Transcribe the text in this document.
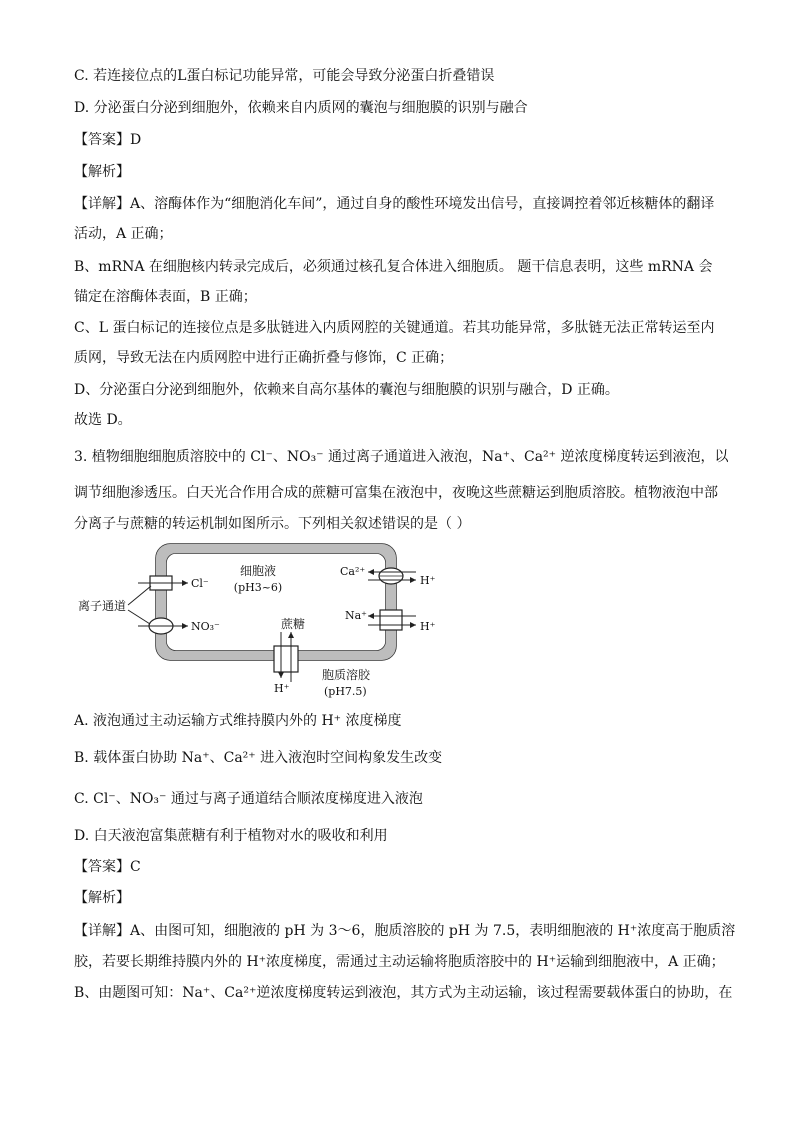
C. 若连接位点的L蛋白标记功能异常，可能会导致分泌蛋白折叠错误
D. 分泌蛋白分泌到细胞外，依赖来自内质网的囊泡与细胞膜的识别与融合
【答案】D
【解析】
【详解】A、溶酶体作为“细胞消化车间”，通过自身的酸性环境发出信号，直接调控着邻近核糖体的翻译
活动，A 正确；
B、mRNA 在细胞核内转录完成后，必须通过核孔复合体进入细胞质。 题干信息表明，这些 mRNA 会
锚定在溶酶体表面，B 正确；
C、L 蛋白标记的连接位点是多肽链进入内质网腔的关键通道。若其功能异常，多肽链无法正常转运至内
质网，导致无法在内质网腔中进行正确折叠与修饰，C 正确；
D、分泌蛋白分泌到细胞外，依赖来自高尔基体的囊泡与细胞膜的识别与融合，D 正确。
故选 D。
3. 植物细胞细胞质溶胶中的 Cl⁻、NO₃⁻ 通过离子通道进入液泡，Na⁺、Ca²⁺ 逆浓度梯度转运到液泡，以
调节细胞渗透压。白天光合作用合成的蔗糖可富集在液泡中，夜晚这些蔗糖运到胞质溶胶。植物液泡中部
分离子与蔗糖的转运机制如图所示。下列相关叙述错误的是（ ）
细胞液
(pH3~6)
Cl⁻
NO₃⁻
离子通道
Ca²⁺
H⁺
Na⁺
H⁺
蔗糖
H⁺
胞质溶胶
(pH7.5)
A. 液泡通过主动运输方式维持膜内外的 H⁺ 浓度梯度
B. 载体蛋白协助 Na⁺、Ca²⁺ 进入液泡时空间构象发生改变
C. Cl⁻、NO₃⁻ 通过与离子通道结合顺浓度梯度进入液泡
D. 白天液泡富集蔗糖有利于植物对水的吸收和利用
【答案】C
【解析】
【详解】A、由图可知，细胞液的 pH 为 3～6，胞质溶胶的 pH 为 7.5，表明细胞液的 H⁺浓度高于胞质溶
胶，若要长期维持膜内外的 H⁺浓度梯度，需通过主动运输将胞质溶胶中的 H⁺运输到细胞液中，A 正确；
B、由题图可知：Na⁺、Ca²⁺逆浓度梯度转运到液泡，其方式为主动运输，该过程需要载体蛋白的协助，在
